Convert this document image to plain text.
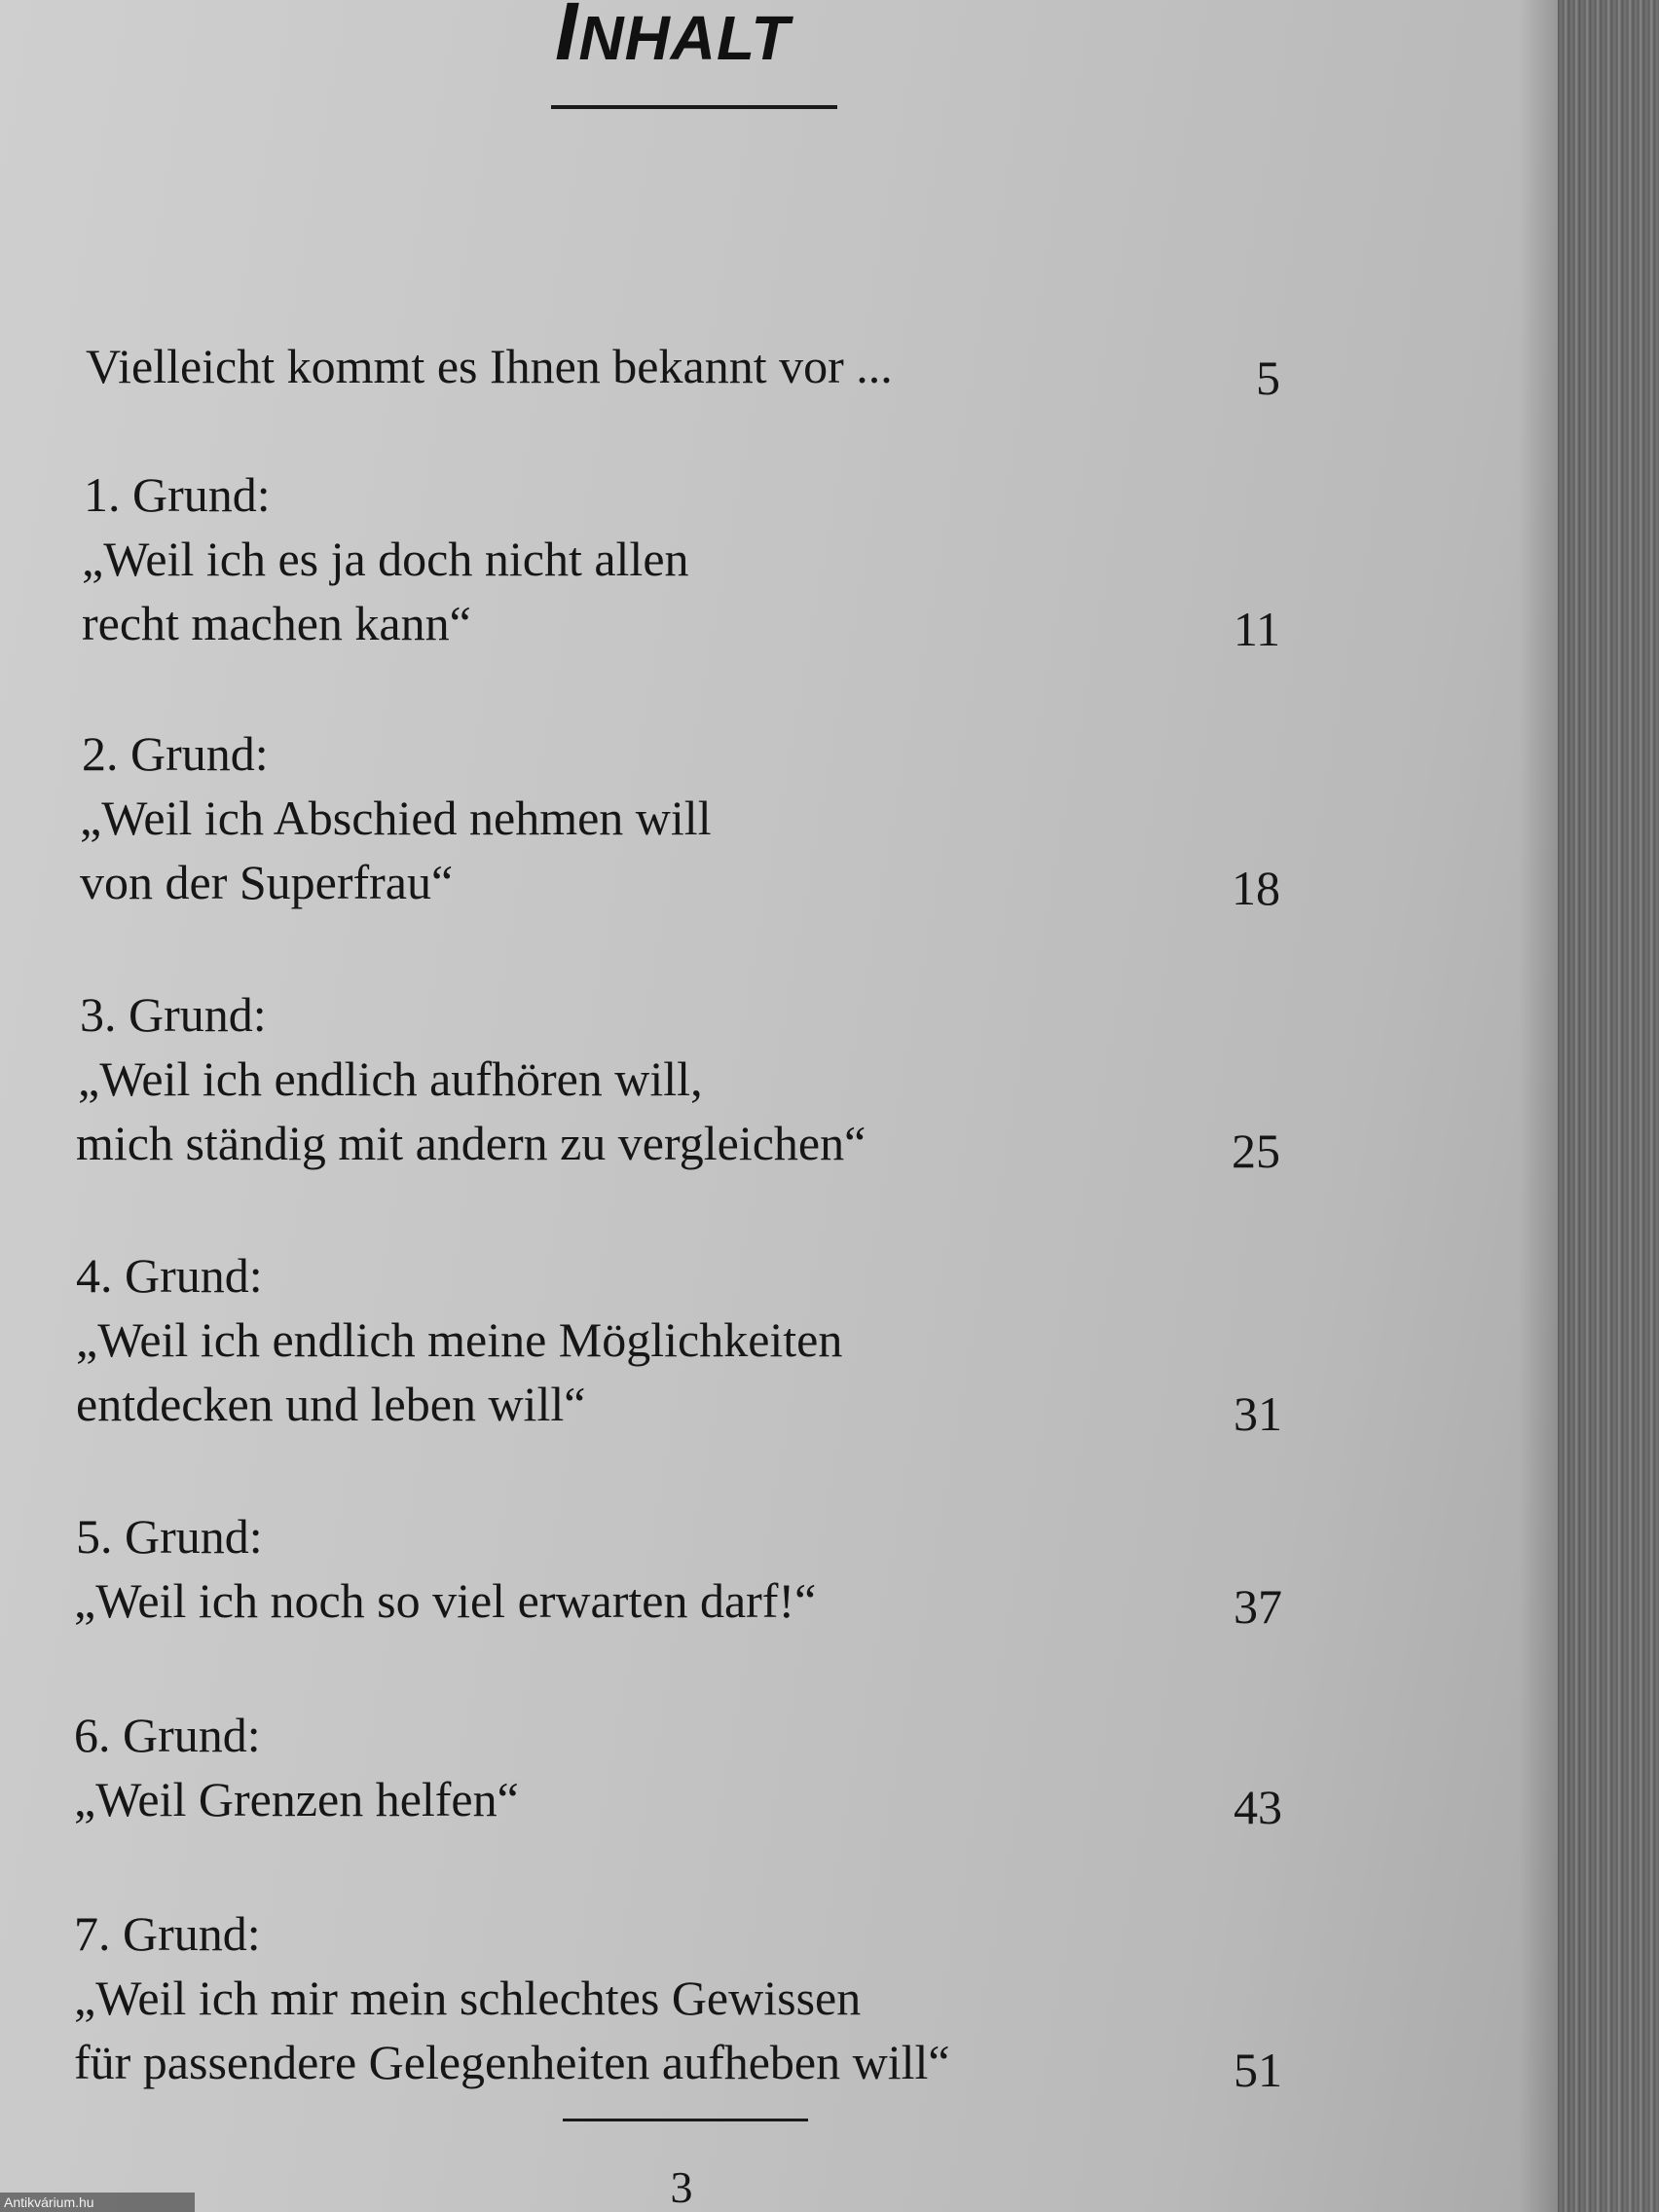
INHALT
Vielleicht kommt es Ihnen bekannt vor ...	5
1. Grund:
„Weil ich es ja doch nicht allen
recht machen kann“	11
2. Grund:
„Weil ich Abschied nehmen will
von der Superfrau“	18
3. Grund:
„Weil ich endlich aufhören will,
mich ständig mit andern zu vergleichen“	25
4. Grund:
„Weil ich endlich meine Möglichkeiten
entdecken und leben will“	31
5. Grund:
„Weil ich noch so viel erwarten darf!“	37
6. Grund:
„Weil Grenzen helfen“	43
7. Grund:
„Weil ich mir mein schlechtes Gewissen
für passendere Gelegenheiten aufheben will“	51
3
Antikvárium.hu
